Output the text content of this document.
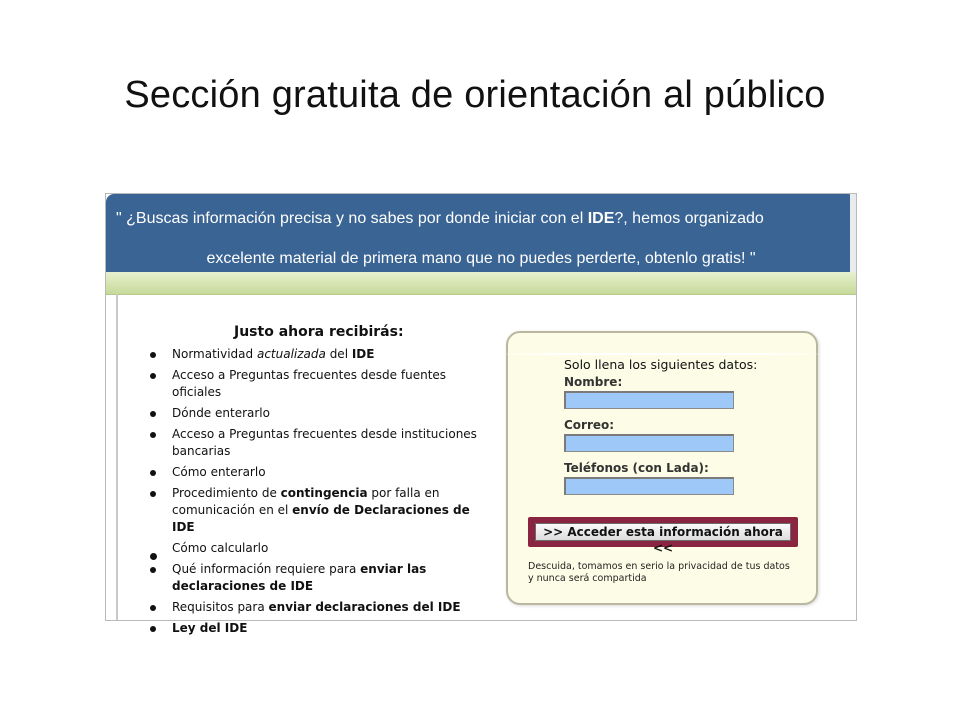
Sección gratuita de orientación al público
" ¿Buscas información precisa y no sabes por donde iniciar con el IDE?, hemos organizado
excelente material de primera mano que no puedes perderte, obtenlo gratis! "
Justo ahora recibirás:
Normatividad actualizada del IDE
Acceso a Preguntas frecuentes desde fuentes oficiales
Dónde enterarlo
Acceso a Preguntas frecuentes desde instituciones bancarias
Cómo enterarlo
Procedimiento de contingencia por falla en comunicación en el envío de Declaraciones de IDE
Cómo calcularlo
Qué información requiere para enviar las declaraciones de IDE
Requisitos para enviar declaraciones del IDE
Ley del IDE
Solo llena los siguientes datos:
Nombre:
Correo:
Teléfonos (con Lada):
>> Acceder esta información ahora <<
Descuida, tomamos en serio la privacidad de tus datos y nunca será compartida
